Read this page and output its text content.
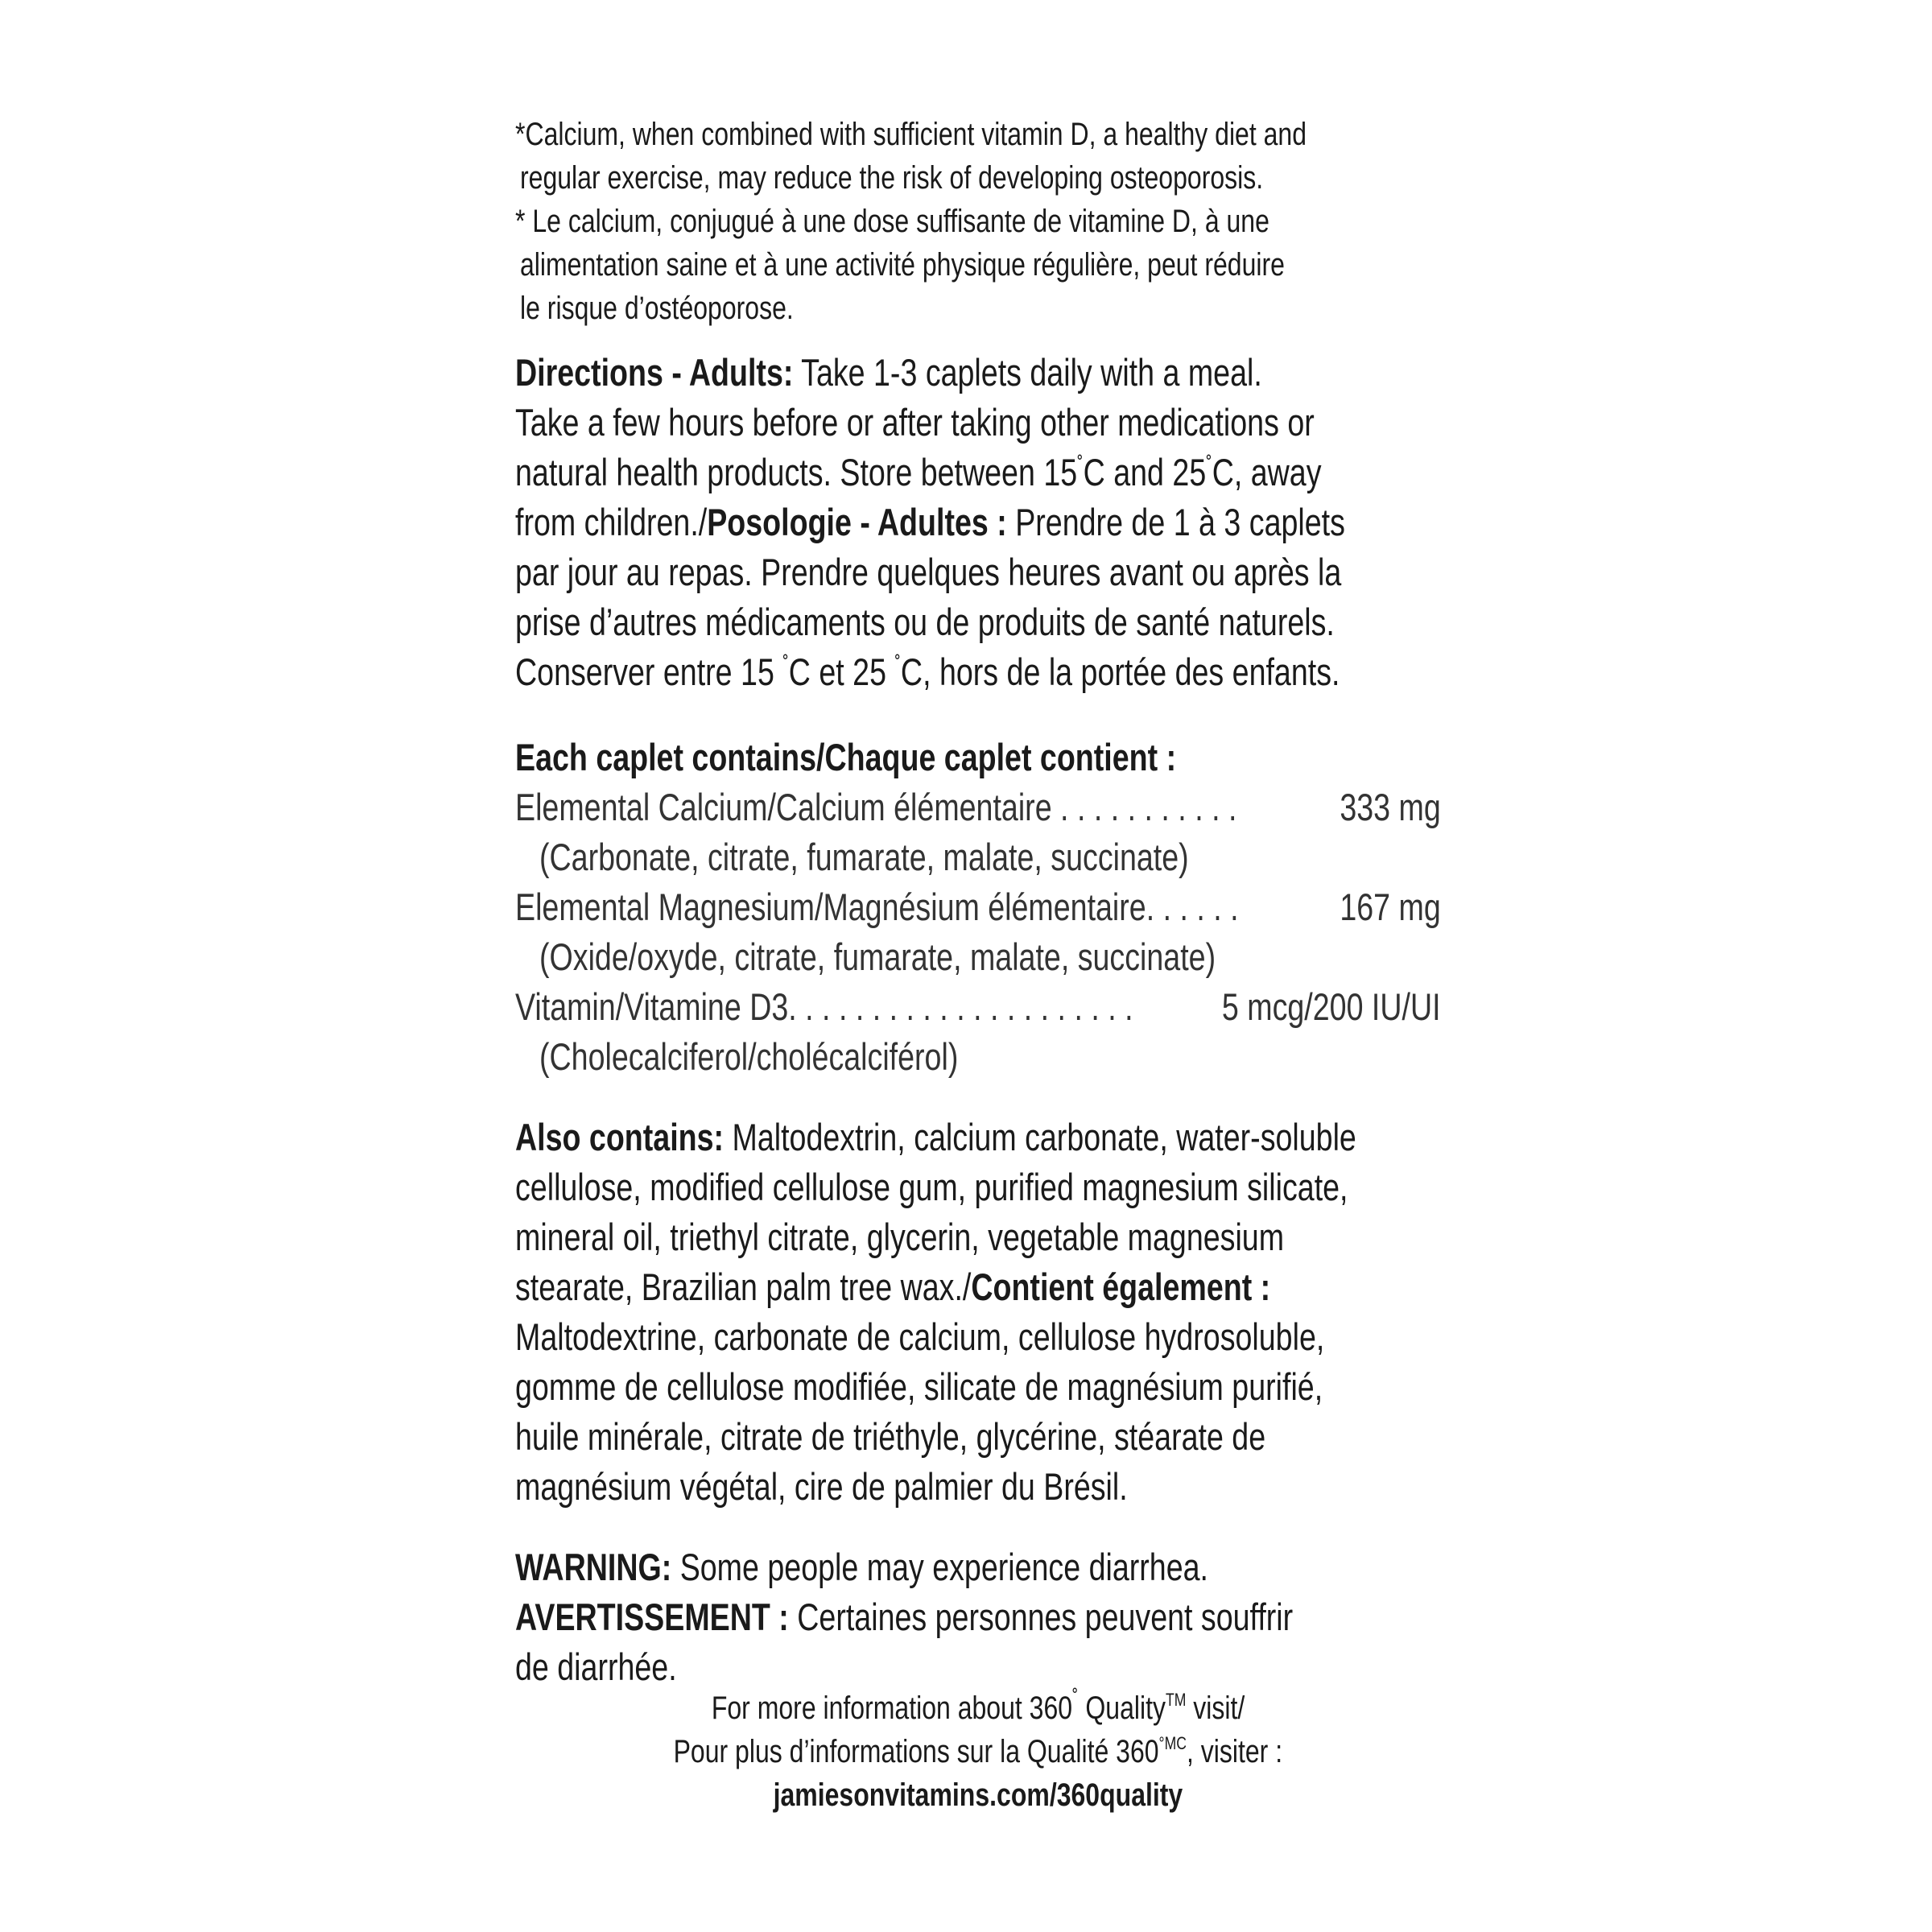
*Calcium, when combined with sufficient vitamin D, a healthy diet and
regular exercise, may reduce the risk of developing osteoporosis.
* Le calcium, conjugué à une dose suffisante de vitamine D, à une
alimentation saine et à une activité physique régulière, peut réduire
le risque d’ostéoporose.
Directions - Adults: Take 1-3 caplets daily with a meal.
Take a few hours before or after taking other medications or
natural health products. Store between 15˚C and 25˚C, away
from children./Posologie - Adultes : Prendre de 1 à 3 caplets
par jour au repas. Prendre quelques heures avant ou après la
prise d’autres médicaments ou de produits de santé naturels.
Conserver entre 15 ˚C et 25 ˚C, hors de la portée des enfants.
Each caplet contains/Chaque caplet contient :
Elemental Calcium/Calcium élémentaire . . . . . . . . . . .	333 mg
(Carbonate, citrate, fumarate, malate, succinate)
Elemental Magnesium/Magnésium élémentaire. . . . . .	167 mg
(Oxide/oxyde, citrate, fumarate, malate, succinate)
Vitamin/Vitamine D3. . . . . . . . . . . . . . . . . . . . . 5 mcg/200 IU/UI
(Cholecalciferol/cholécalciférol)
Also contains: Maltodextrin, calcium carbonate, water-soluble
cellulose, modified cellulose gum, purified magnesium silicate,
mineral oil, triethyl citrate, glycerin, vegetable magnesium
stearate, Brazilian palm tree wax./Contient également :
Maltodextrine, carbonate de calcium, cellulose hydrosoluble,
gomme de cellulose modifiée, silicate de magnésium purifié,
huile minérale, citrate de triéthyle, glycérine, stéarate de
magnésium végétal, cire de palmier du Brésil.
WARNING: Some people may experience diarrhea.
AVERTISSEMENT : Certaines personnes peuvent souffrir
de diarrhée.
For more information about 360˚ Quality™ visit/
Pour plus d’informations sur la Qualité $360^{^\circ MC}$, visiter :
jamiesonvitamins.com/360quality
